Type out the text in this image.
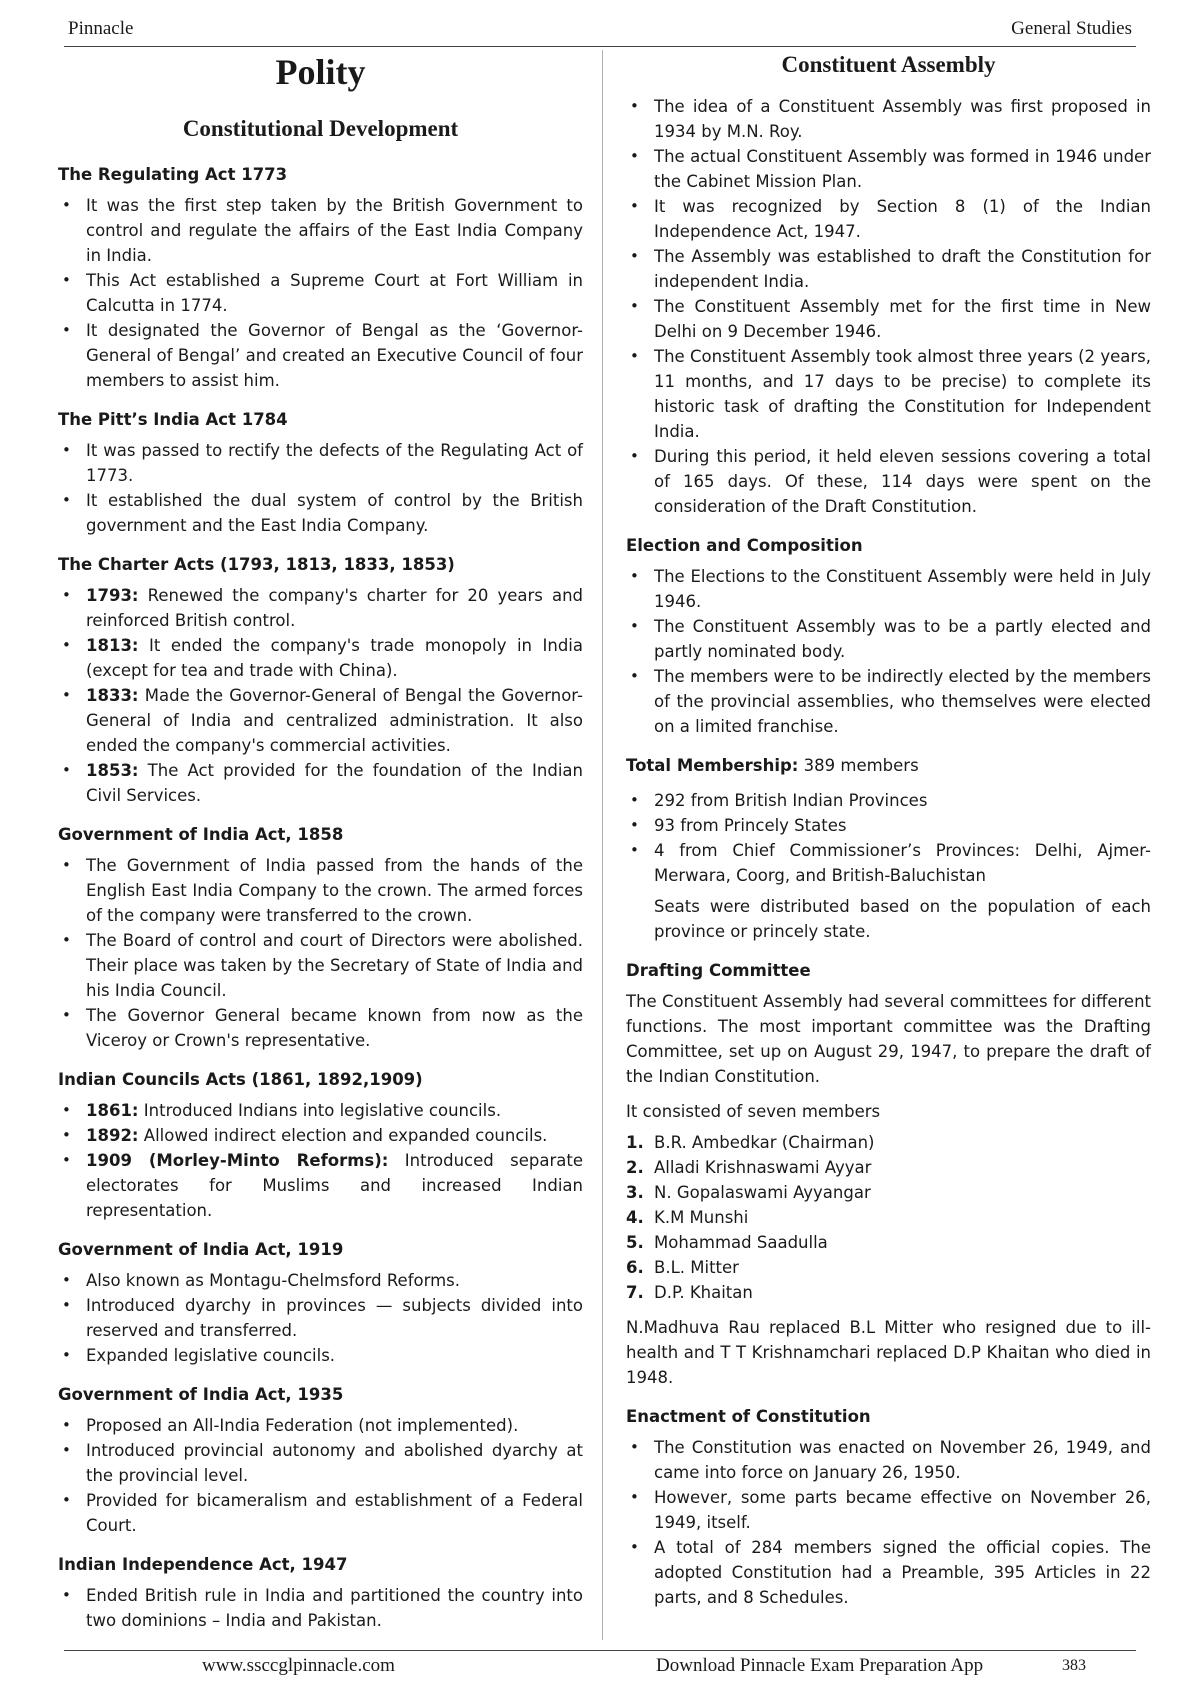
Pinnacle	General Studies
Polity
Constitutional Development
The Regulating Act 1773
• It was the first step taken by the British Government to control and regulate the affairs of the East India Company in India.
• This Act established a Supreme Court at Fort William in Calcutta in 1774.
• It designated the Governor of Bengal as the ‘Governor-General of Bengal’ and created an Executive Council of four members to assist him.
The Pitt’s India Act 1784
• It was passed to rectify the defects of the Regulating Act of 1773.
• It established the dual system of control by the British government and the East India Company.
The Charter Acts (1793, 1813, 1833, 1853)
• 1793: Renewed the company's charter for 20 years and reinforced British control.
• 1813: It ended the company's trade monopoly in India (except for tea and trade with China).
• 1833: Made the Governor-General of Bengal the Governor-General of India and centralized administration. It also ended the company's commercial activities.
• 1853: The Act provided for the foundation of the Indian Civil Services.
Government of India Act, 1858
• The Government of India passed from the hands of the English East India Company to the crown. The armed forces of the company were transferred to the crown.
• The Board of control and court of Directors were abolished. Their place was taken by the Secretary of State of India and his India Council.
• The Governor General became known from now as the Viceroy or Crown's representative.
Indian Councils Acts (1861, 1892,1909)
• 1861: Introduced Indians into legislative councils.
• 1892: Allowed indirect election and expanded councils.
• 1909 (Morley-Minto Reforms): Introduced separate electorates for Muslims and increased Indian representation.
Government of India Act, 1919
• Also known as Montagu-Chelmsford Reforms.
• Introduced dyarchy in provinces — subjects divided into reserved and transferred.
• Expanded legislative councils.
Government of India Act, 1935
• Proposed an All-India Federation (not implemented).
• Introduced provincial autonomy and abolished dyarchy at the provincial level.
• Provided for bicameralism and establishment of a Federal Court.
Indian Independence Act, 1947
• Ended British rule in India and partitioned the country into two dominions – India and Pakistan.
Constituent Assembly
• The idea of a Constituent Assembly was first proposed in 1934 by M.N. Roy.
• The actual Constituent Assembly was formed in 1946 under the Cabinet Mission Plan.
• It was recognized by Section 8 (1) of the Indian Independence Act, 1947.
• The Assembly was established to draft the Constitution for independent India.
• The Constituent Assembly met for the first time in New Delhi on 9 December 1946.
• The Constituent Assembly took almost three years (2 years, 11 months, and 17 days to be precise) to complete its historic task of drafting the Constitution for Independent India.
• During this period, it held eleven sessions covering a total of 165 days. Of these, 114 days were spent on the consideration of the Draft Constitution.
Election and Composition
• The Elections to the Constituent Assembly were held in July 1946.
• The Constituent Assembly was to be a partly elected and partly nominated body.
• The members were to be indirectly elected by the members of the provincial assemblies, who themselves were elected on a limited franchise.

Total Membership: 389 members

• 292 from British Indian Provinces
• 93 from Princely States
• 4 from Chief Commissioner’s Provinces: Delhi, Ajmer-Merwara, Coorg, and British-Baluchistan

Seats were distributed based on the population of each province or princely state.

Drafting Committee

The Constituent Assembly had several committees for different functions. The most important committee was the Drafting Committee, set up on August 29, 1947, to prepare the draft of the Indian Constitution.

It consisted of seven members

1. B.R. Ambedkar (Chairman)
2. Alladi Krishnaswami Ayyar
3. N. Gopalaswami Ayyangar
4. K.M Munshi
5. Mohammad Saadulla
6. B.L. Mitter
7. D.P. Khaitan

N.Madhuva Rau replaced B.L Mitter who resigned due to ill-health and T T Krishnamchari replaced D.P Khaitan who died in 1948.

Enactment of Constitution
• The Constitution was enacted on November 26, 1949, and came into force on January 26, 1950.
• However, some parts became effective on November 26, 1949, itself.
• A total of 284 members signed the official copies. The adopted Constitution had a Preamble, 395 Articles in 22 parts, and 8 Schedules.
www.ssccglpinnacle.com	Download Pinnacle Exam Preparation App	383
